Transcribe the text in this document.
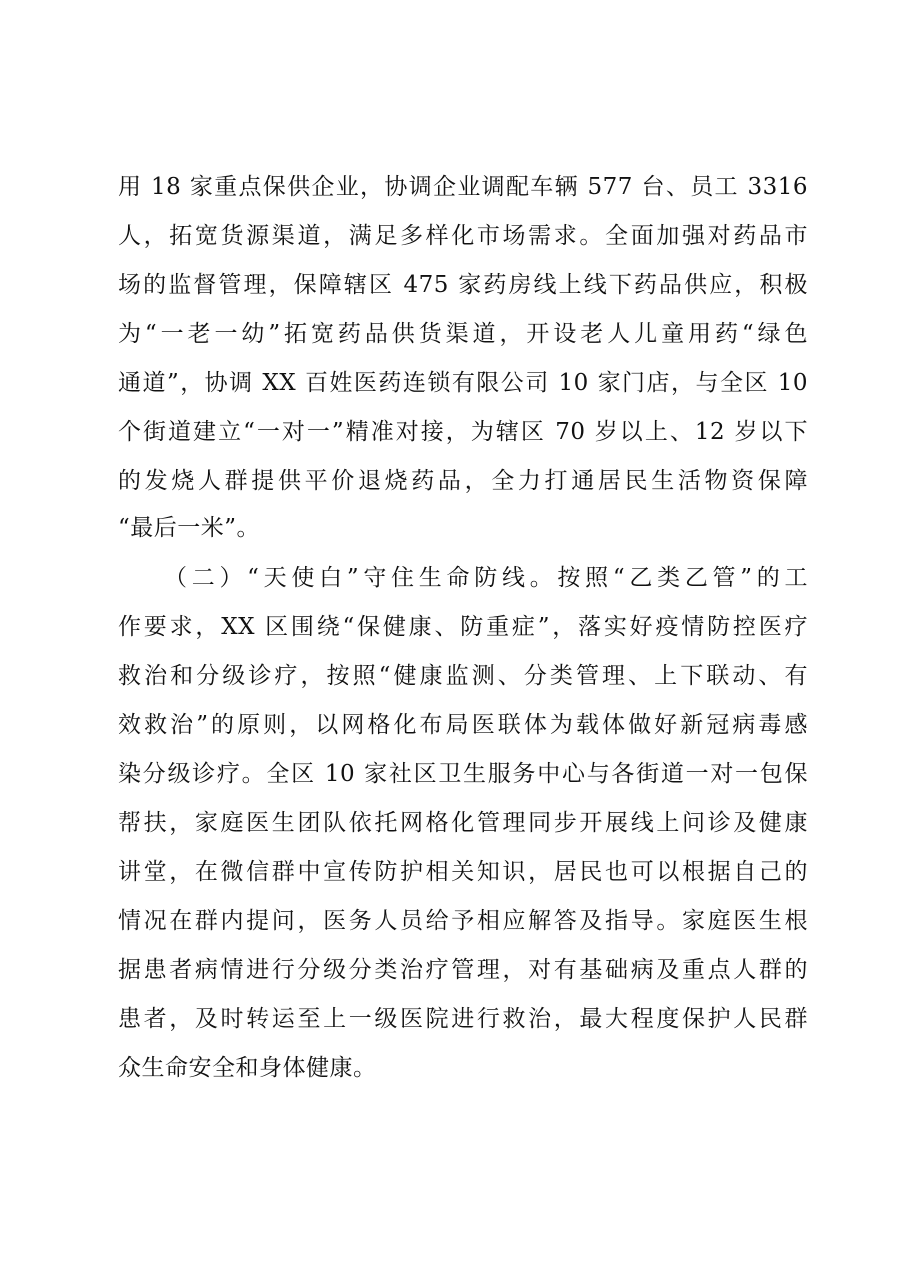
用 18 家重点保供企业，协调企业调配车辆 577 台、员工 3316
人，拓宽货源渠道，满足多样化市场需求。全面加强对药品市
场的监督管理，保障辖区 475 家药房线上线下药品供应，积极
为“一老一幼”拓宽药品供货渠道，开设老人儿童用药“绿色
通道”，协调 XX 百姓医药连锁有限公司 10 家门店，与全区 10
个街道建立“一对一”精准对接，为辖区 70 岁以上、12 岁以下
的发烧人群提供平价退烧药品，全力打通居民生活物资保障
“最后一米”。
（二）“天使白”守住生命防线。按照“乙类乙管”的工
作要求，XX 区围绕“保健康、防重症”，落实好疫情防控医疗
救治和分级诊疗，按照“健康监测、分类管理、上下联动、有
效救治”的原则，以网格化布局医联体为载体做好新冠病毒感
染分级诊疗。全区 10 家社区卫生服务中心与各街道一对一包保
帮扶，家庭医生团队依托网格化管理同步开展线上问诊及健康
讲堂，在微信群中宣传防护相关知识，居民也可以根据自己的
情况在群内提问，医务人员给予相应解答及指导。家庭医生根
据患者病情进行分级分类治疗管理，对有基础病及重点人群的
患者，及时转运至上一级医院进行救治，最大程度保护人民群
众生命安全和身体健康。
